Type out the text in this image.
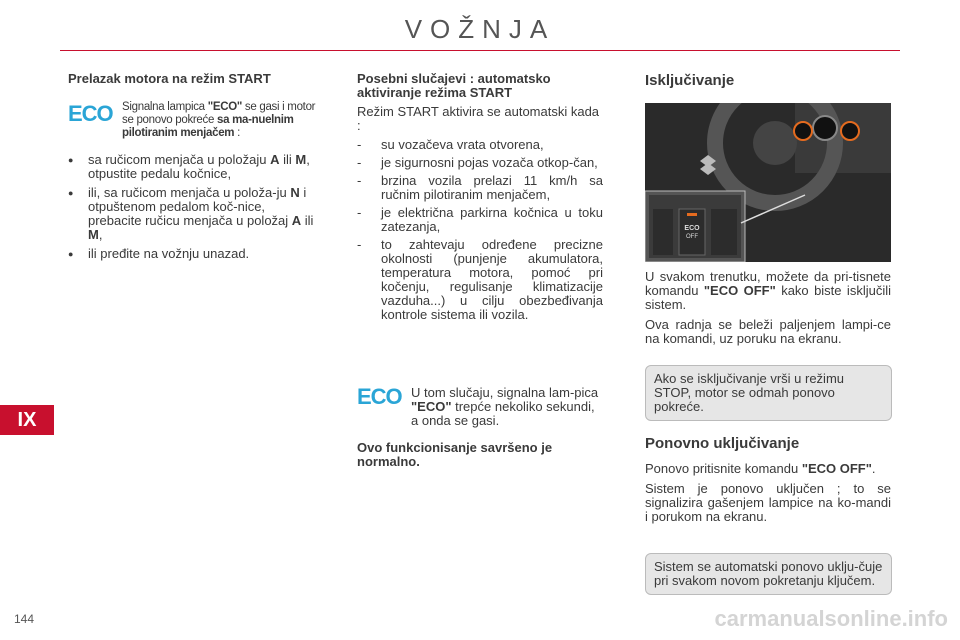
VOŽNJA
IX
144
Prelazak motora na režim START
ECO Signalna lampica "ECO" se gasi i motor se ponovo pokreće sa ma-nuelnim pilotiranim menjačem :
● sa ručicom menjača u položaju A ili M, otpustite pedalu kočnice,
● ili, sa ručicom menjača u položa-ju N i otpuštenom pedalom koč-nice, prebacite ručicu menjača u položaj A ili M,
● ili pređite na vožnju unazad.
Posebni slučajevi : automatsko aktiviranje režima START
Režim START aktivira se automatski kada :
- su vozačeva vrata otvorena,
- je sigurnosni pojas vozača otkop-čan,
- brzina vozila prelazi 11 km/h sa ručnim pilotiranim menjačem,
- je električna parkirna kočnica u toku zatezanja,
- to zahtevaju određene precizne okolnosti (punjenje akumulatora, temperatura motora, pomoć pri kočenju, regulisanje klimatizacije vazduha...) u cilju obezbeđivanja kontrole sistema ili vozila.
ECO U tom slučaju, signalna lam-pica "ECO" trepće nekoliko sekundi, a onda se gasi.
Ovo funkcionisanje savršeno je normalno.
Isključivanje
ECO
OFF
U svakom trenutku, možete da pri-tisnete komandu "ECO OFF" kako biste isključili sistem.
Ova radnja se beleži paljenjem lampi-ce na komandi, uz poruku na ekranu.
Ako se isključivanje vrši u režimu STOP, motor se odmah ponovo pokreće.
Ponovno uključivanje
Ponovo pritisnite komandu "ECO OFF".
Sistem je ponovo uključen ; to se signalizira gašenjem lampice na ko-mandi i porukom na ekranu.
Sistem se automatski ponovo uklju-čuje pri svakom novom pokretanju ključem.
carmanualsonline.info
